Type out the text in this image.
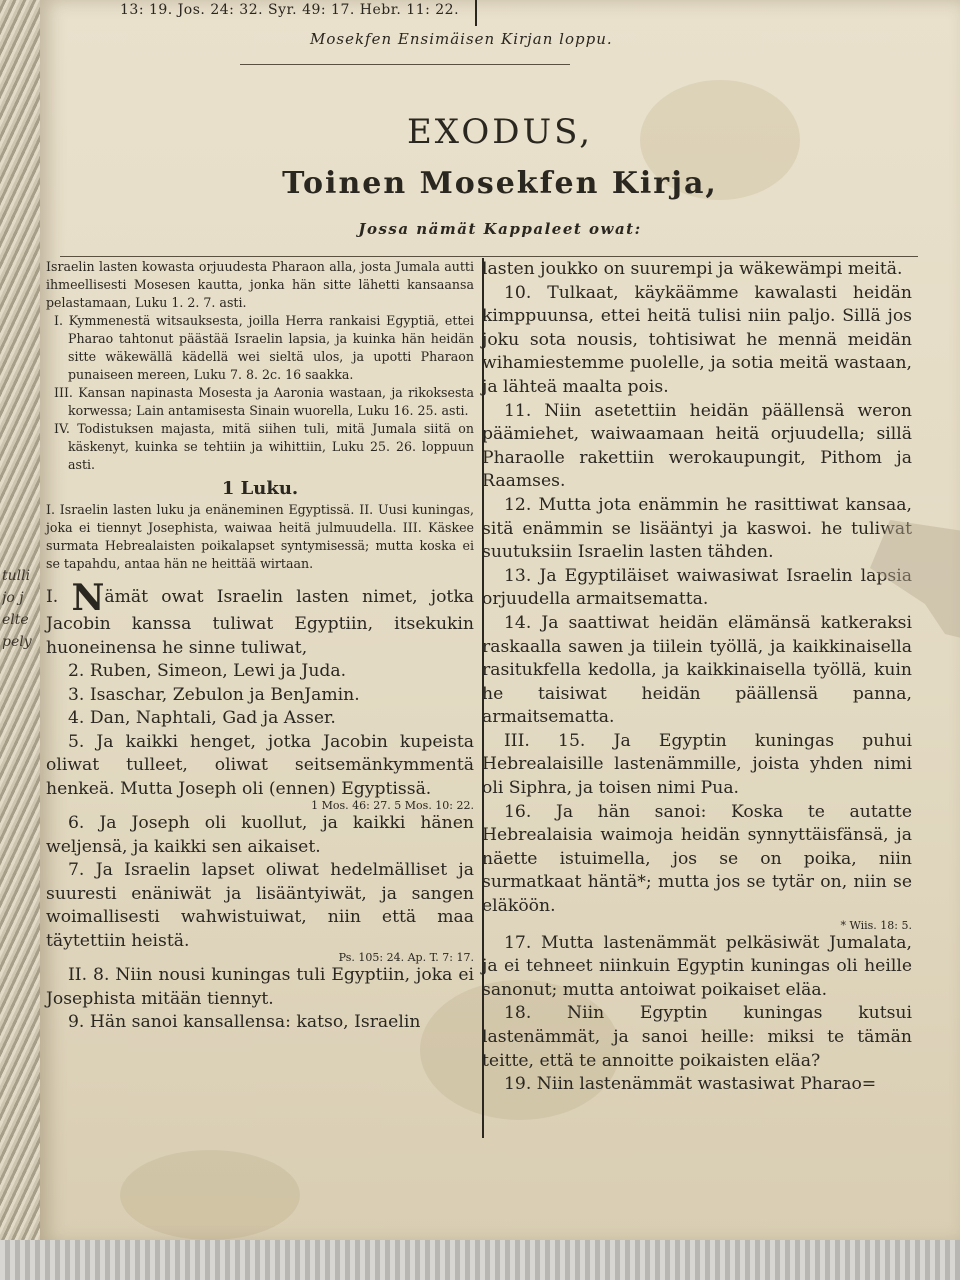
tulli
jo j
elte
pely
13: 19. Jos. 24: 32. Syr. 49: 17. Hebr. 11: 22.
Mosekfen Ensimäisen Kirjan loppu.
EXODUS,
Toinen Mosekfen Kirja,
Jossa nämät Kappaleet owat:

Israelin lasten kowasta orjuudesta Pharaon alla, josta Jumala autti ihmeellisesti Mosesen kautta, jonka hän sitte lähetti kansaansa pelastamaan, Luku 1. 2. 7. asti.

I. Kymmenestä witsauksesta, joilla Herra rankaisi Egyptiä, ettei Pharao tahtonut päästää Israelin lapsia, ja kuinka hän heidän sitte wäkewällä kädellä wei sieltä ulos, ja upotti Pharaon punaiseen mereen, Luku 7. 8. 2c. 16 saakka.

III. Kansan napinasta Mosesta ja Aaronia wastaan, ja rikoksesta korwessa; Lain antamisesta Sinain wuorella, Luku 16. 25. asti.

IV. Todistuksen majasta, mitä siihen tuli, mitä Jumala siitä on käskenyt, kuinka se tehtiin ja wihittiin, Luku 25. 26. loppuun asti.

1 Luku.

I. Israelin lasten luku ja enäneminen Egyptissä. II. Uusi kuningas, joka ei tiennyt Josephista, waiwaa heitä julmuudella. III. Käskee surmata Hebrealaisten poikalapset syntymisessä; mutta koska ei se tapahdu, antaa hän ne heittää wirtaan.

I. Nämät owat Israelin lasten nimet, jotka Jacobin kanssa tuliwat Egyptiin, itsekukin huoneinensa he sinne tuliwat,

2. Ruben, Simeon, Lewi ja Juda.

3. Isaschar, Zebulon ja BenJamin.

4. Dan, Naphtali, Gad ja Asser.

5. Ja kaikki henget, jotka Jacobin kupeista oliwat tulleet, oliwat seitsemänkymmentä henkeä. Mutta Joseph oli (ennen) Egyptissä.

1 Mos. 46: 27. 5 Mos. 10: 22.

6. Ja Joseph oli kuollut, ja kaikki hänen weljensä, ja kaikki sen aikaiset.

7. Ja Israelin lapset oliwat hedelmälliset ja suuresti enäniwät ja lisääntyiwät, ja sangen woimallisesti wahwistuiwat, niin että maa täytettiin heistä.

Ps. 105: 24. Ap. T. 7: 17.

II. 8. Niin nousi kuningas tuli Egyptiin, joka ei Josephista mitään tiennyt.

9. Hän sanoi kansallensa: katso, Israelin

lasten joukko on suurempi ja wäkewämpi meitä.

10. Tulkaat, käykäämme kawalasti heidän kimppuunsa, ettei heitä tulisi niin paljo. Sillä jos joku sota nousis, tohtisiwat he mennä meidän wihamiestemme puolelle, ja sotia meitä wastaan, ja lähteä maalta pois.

11. Niin asetettiin heidän päällensä weron päämiehet, waiwaamaan heitä orjuudella; sillä Pharaolle rakettiin werokaupungit, Pithom ja Raamses.

12. Mutta jota enämmin he rasittiwat kansaa, sitä enämmin se lisääntyi ja kaswoi. he tuliwat suutuksiin Israelin lasten tähden.

13. Ja Egyptiläiset waiwasiwat Israelin lapsia orjuudella armaitsematta.

14. Ja saattiwat heidän elämänsä katkeraksi raskaalla sawen ja tiilein työllä, ja kaikkinaisella rasitukfella kedolla, ja kaikkinaisella työllä, kuin he taisiwat heidän päällensä panna, armaitsematta.

III. 15. Ja Egyptin kuningas puhui Hebrealaisille lastenämmille, joista yhden nimi oli Siphra, ja toisen nimi Pua.

16. Ja hän sanoi: Koska te autatte Hebrealaisia waimoja heidän synnyttäisfänsä, ja näette istuimella, jos se on poika, niin surmatkaat häntä*; mutta jos se tytär on, niin se eläköön.

* Wiis. 18: 5.

17. Mutta lastenämmät pelkäsiwät Jumalata, ja ei tehneet niinkuin Egyptin kuningas oli heille sanonut; mutta antoiwat poikaiset eläa.

18. Niin Egyptin kuningas kutsui lastenämmät, ja sanoi heille: miksi te tämän teitte, että te annoitte poikaisten eläa?

19. Niin lastenämmät wastasiwat Pharao=
